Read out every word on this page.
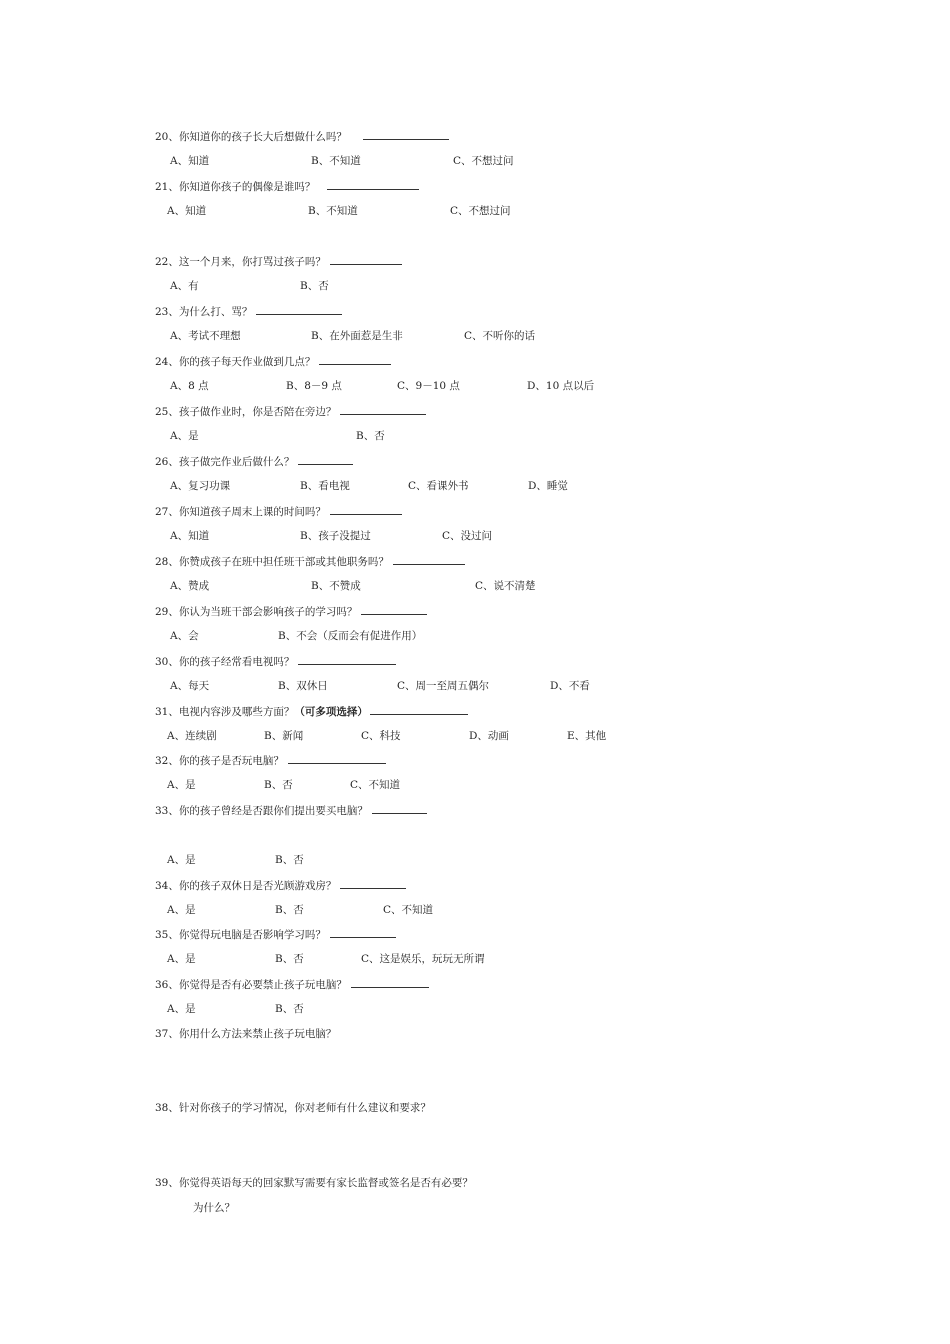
20、你知道你的孩子长大后想做什么吗？
A、知道	B、不知道	C、不想过问
21、你知道你孩子的偶像是谁吗？
A、知道	B、不知道	C、不想过问
22、这一个月来，你打骂过孩子吗？
A、有	B、否
23、为什么打、骂？
A、考试不理想	B、在外面惹是生非	C、不听你的话
24、你的孩子每天作业做到几点？
A、8 点	B、8－9 点	C、9－10 点	D、10 点以后
25、孩子做作业时，你是否陪在旁边？
A、是	B、否
26、孩子做完作业后做什么？
A、复习功课	B、看电视	C、看课外书	D、睡觉
27、你知道孩子周末上课的时间吗？
A、知道	B、孩子没提过	C、没过问
28、你赞成孩子在班中担任班干部或其他职务吗？
A、赞成	B、不赞成	C、说不清楚
29、你认为当班干部会影响孩子的学习吗？
A、会	B、不会（反而会有促进作用）
30、你的孩子经常看电视吗？
A、每天	B、双休日	C、周一至周五偶尔	D、不看
31、电视内容涉及哪些方面？（可多项选择）
A、连续剧	B、新闻	C、科技	D、动画	E、其他
32、你的孩子是否玩电脑？
A、是	B、否	C、不知道
33、你的孩子曾经是否跟你们提出要买电脑？
A、是	B、否
34、你的孩子双休日是否光顾游戏房？
A、是	B、否	C、不知道
35、你觉得玩电脑是否影响学习吗？
A、是	B、否	C、这是娱乐，玩玩无所谓
36、你觉得是否有必要禁止孩子玩电脑？
A、是	B、否
37、你用什么方法来禁止孩子玩电脑？
38、针对你孩子的学习情况，你对老师有什么建议和要求？
39、你觉得英语每天的回家默写需要有家长监督或签名是否有必要？
为什么？
